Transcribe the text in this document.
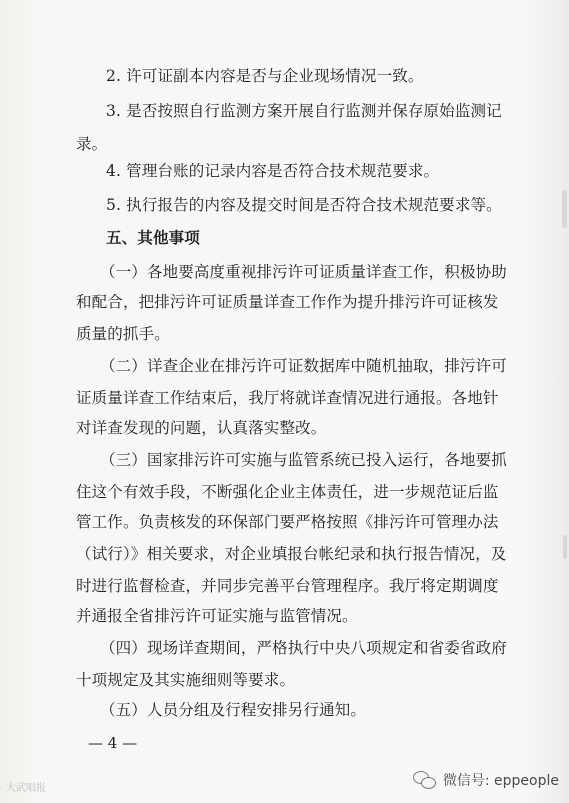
2. 许可证副本内容是否与企业现场情况一致。
3. 是否按照自行监测方案开展自行监测并保存原始监测记
录。
4. 管理台账的记录内容是否符合技术规范要求。
5. 执行报告的内容及提交时间是否符合技术规范要求等。
五、其他事项
（一）各地要高度重视排污许可证质量详查工作，积极协助
和配合，把排污许可证质量详查工作作为提升排污许可证核发
质量的抓手。
（二）详查企业在排污许可证数据库中随机抽取，排污许可
证质量详查工作结束后，我厅将就详查情况进行通报。各地针
对详查发现的问题，认真落实整改。
（三）国家排污许可实施与监管系统已投入运行，各地要抓
住这个有效手段，不断强化企业主体责任，进一步规范证后监
管工作。负责核发的环保部门要严格按照《排污许可管理办法
（试行）》相关要求，对企业填报台帐纪录和执行报告情况，及
时进行监督检查，并同步完善平台管理程序。我厅将定期调度
并通报全省排污许可证实施与监管情况。
（四）现场详查期间，严格执行中央八项规定和省委省政府
十项规定及其实施细则等要求。
（五）人员分组及行程安排另行通知。
— 4 —
大武唱报	微信号: eppeople
